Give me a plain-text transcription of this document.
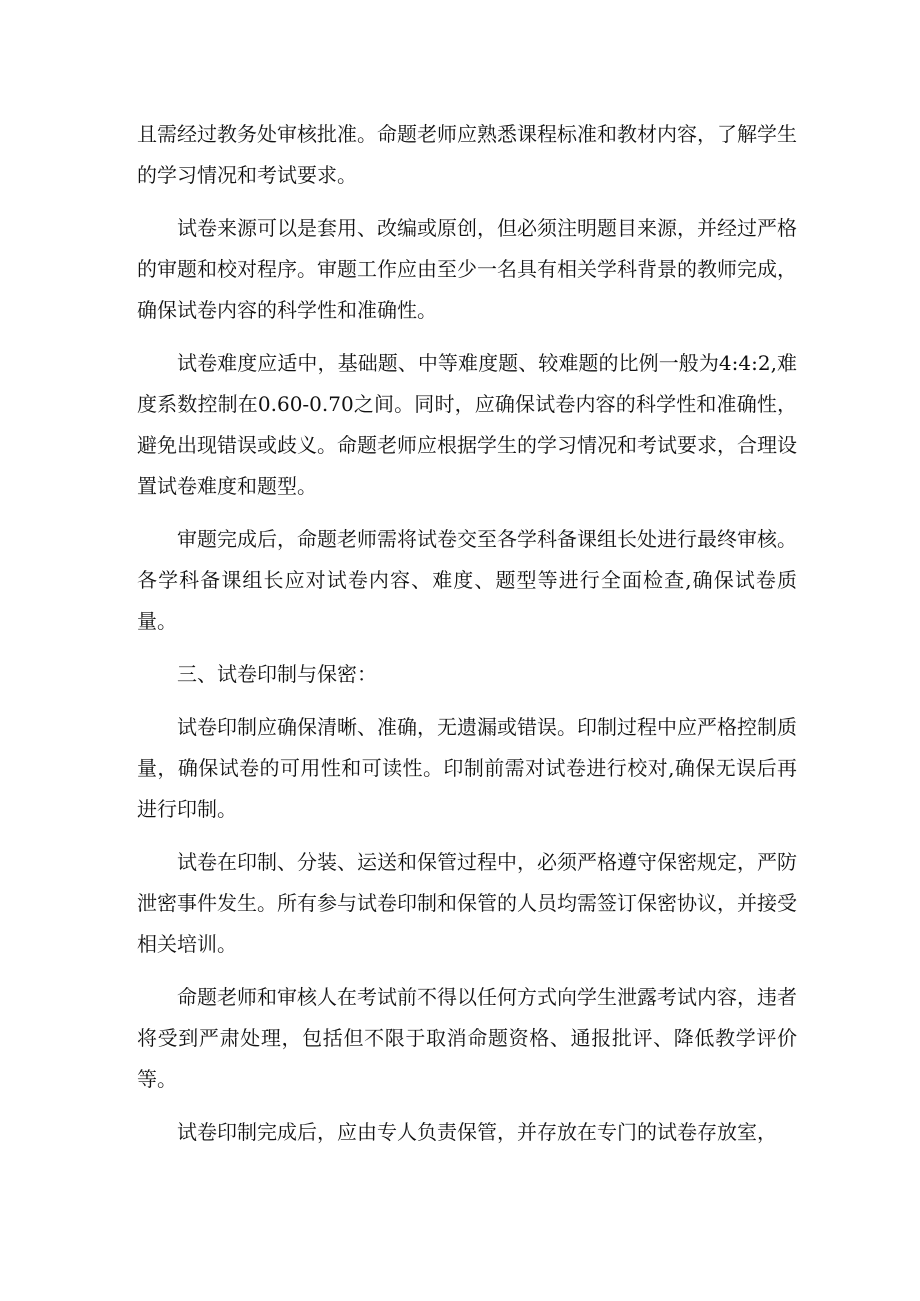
且需经过教务处审核批准。命题老师应熟悉课程标准和教材内容，了解学生的学习情况和考试要求。

试卷来源可以是套用、改编或原创，但必须注明题目来源，并经过严格的审题和校对程序。审题工作应由至少一名具有相关学科背景的教师完成，确保试卷内容的科学性和准确性。

试卷难度应适中，基础题、中等难度题、较难题的比例一般为4:4:2,难度系数控制在0.60-0.70之间。同时，应确保试卷内容的科学性和准确性，避免出现错误或歧义。命题老师应根据学生的学习情况和考试要求，合理设置试卷难度和题型。

审题完成后，命题老师需将试卷交至各学科备课组长处进行最终审核。各学科备课组长应对试卷内容、难度、题型等进行全面检查,确保试卷质量。

三、试卷印制与保密：

试卷印制应确保清晰、准确，无遗漏或错误。印制过程中应严格控制质量，确保试卷的可用性和可读性。印制前需对试卷进行校对,确保无误后再进行印制。

试卷在印制、分装、运送和保管过程中，必须严格遵守保密规定，严防泄密事件发生。所有参与试卷印制和保管的人员均需签订保密协议，并接受相关培训。

命题老师和审核人在考试前不得以任何方式向学生泄露考试内容，违者将受到严肃处理，包括但不限于取消命题资格、通报批评、降低教学评价等。

试卷印制完成后，应由专人负责保管，并存放在专门的试卷存放室，
